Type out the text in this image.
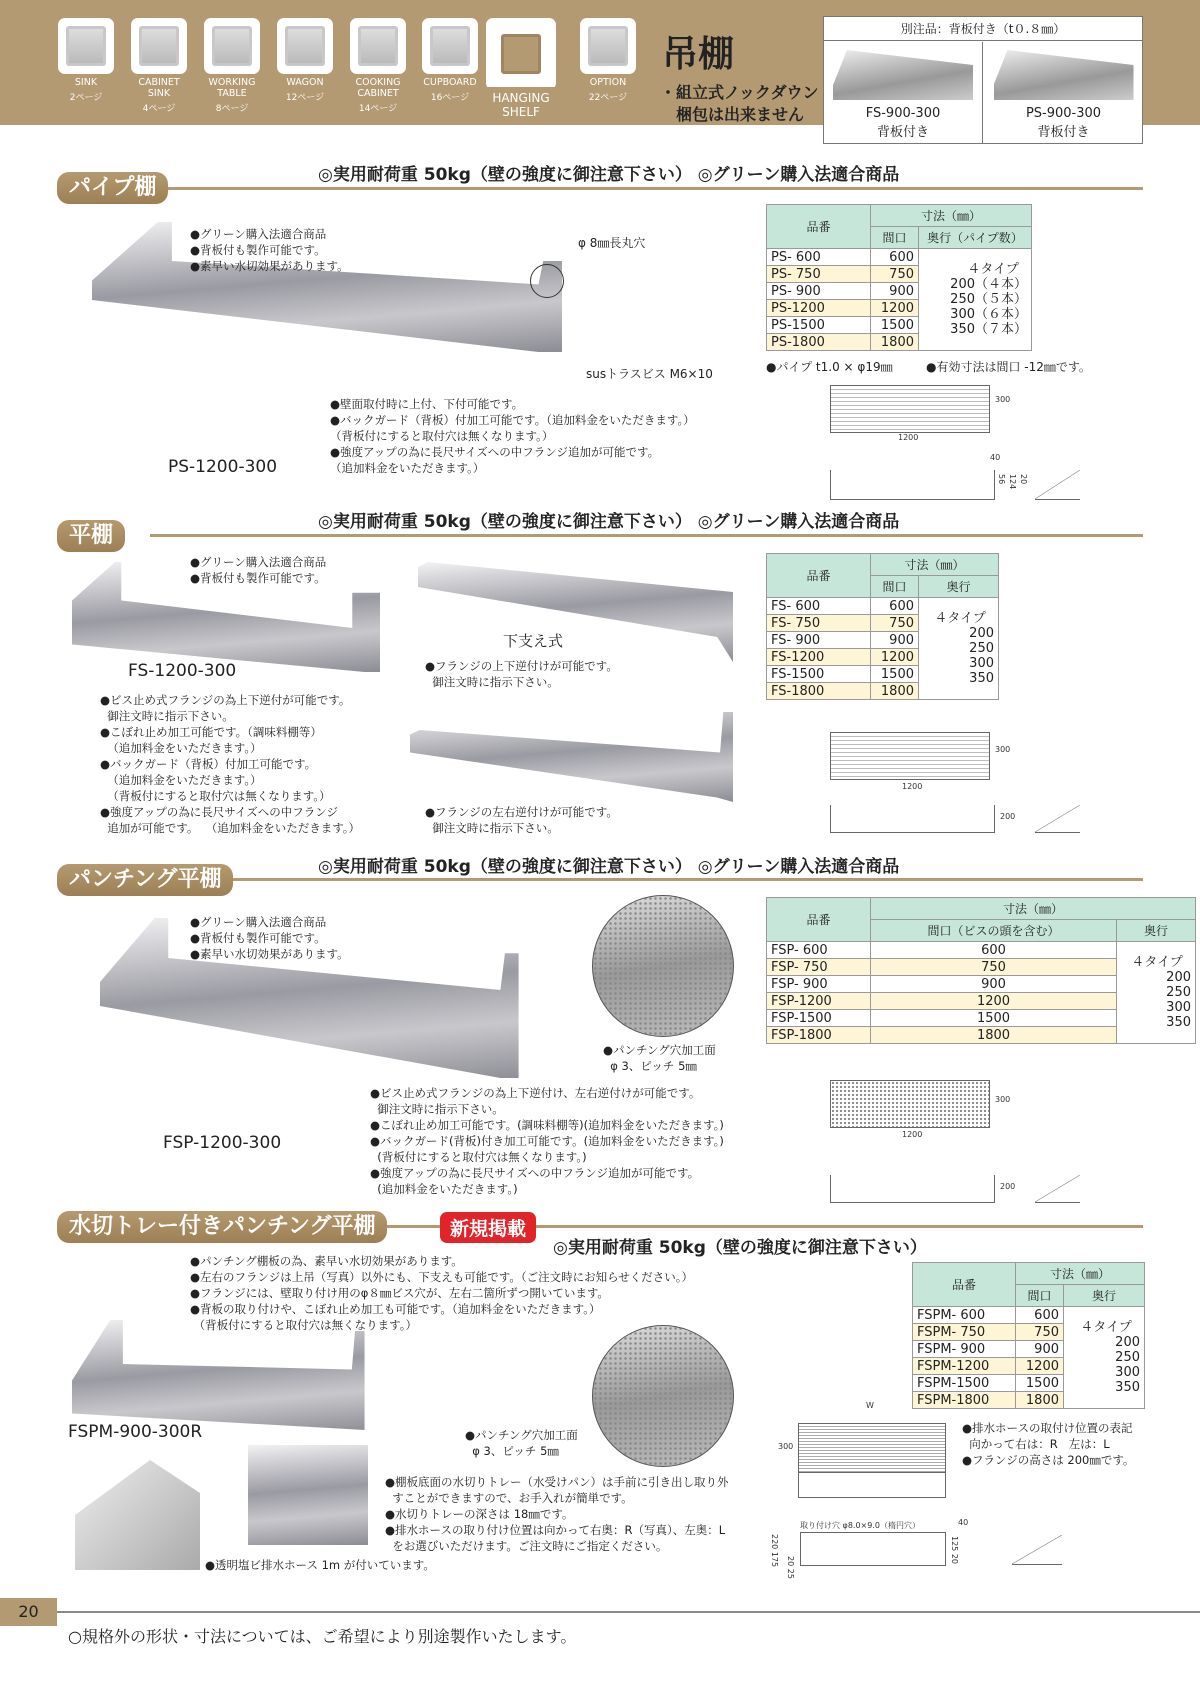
SINK
2ページ
CABINET
SINK
4ページ
WORKING
TABLE
8ページ
WAGON
12ページ
COOKING
CABINET
14ページ
CUPBOARD
16ページ	HANGING
SHELF
OPTION
22ページ
吊棚
・組立式ノックダウン
梱包は出来ません
別注品：背板付き（t０.８㎜）
FS-900-300
背板付き
PS-900-300
背板付き
パイプ棚	◎実用耐荷重 50kg（壁の強度に御注意下さい） ◎グリーン購入法適合商品
●グリーン購入法適合商品
●背板付も製作可能です。
●素早い水切効果があります。
φ 8㎜長丸穴
susトラスビス M6×10
●壁面取付時に上付、下付可能です。
●バックガード（背板）付加工可能です。（追加料金をいただきます。）
（背板付にすると取付穴は無くなります。）
●強度アップの為に長尺サイズへの中フランジ追加が可能です。
（追加料金をいただきます。）
PS-1200-300
品番	寸法（㎜）	
	間口	奥行（パイプ数）
PS- 600	600	４タイプ
200（４本）
250（５本）
300（６本）
350（７本）
PS- 750	750	
PS- 900	900	
PS-1200	1200	
PS-1500	1500	
PS-1800	1800	
●パイプ t1.0 × φ19㎜	●有効寸法は間口 -12㎜です。
300
1200
40
56 124 20
平棚
◎実用耐荷重 50kg（壁の強度に御注意下さい） ◎グリーン購入法適合商品
●グリーン購入法適合商品
●背板付も製作可能です。
FS-1200-300
●ビス止め式フランジの為上下逆付が可能です。
御注文時に指示下さい。
●こぼれ止め加工可能です。（調味料棚等）
（追加料金をいただきます。）
●バックガード（背板）付加工可能です。
（追加料金をいただきます。）
（背板付にすると取付穴は無くなります。）
●強度アップの為に長尺サイズへの中フランジ
追加が可能です。  （追加料金をいただきます。）
下支え式
●フランジの上下逆付けが可能です。
御注文時に指示下さい。
●フランジの左右逆付けが可能です。
御注文時に指示下さい。
品番	寸法（㎜）	
	間口	奥行
FS- 600	600	４タイプ
200
250
300
350
FS- 750	750	
FS- 900	900	
FS-1200	1200	
FS-1500	1500	
FS-1800	1800	
300
1200
200
パンチング平棚	◎実用耐荷重 50kg（壁の強度に御注意下さい） ◎グリーン購入法適合商品
●グリーン購入法適合商品
●背板付も製作可能です。
●素早い水切効果があります。
●パンチング穴加工面
φ 3、ピッチ 5㎜
●ビス止め式フランジの為上下逆付け、左右逆付けが可能です。
御注文時に指示下さい。
●こぼれ止め加工可能です。(調味料棚等)(追加料金をいただきます。)
●バックガード(背板)付き加工可能です。(追加料金をいただきます。)
(背板付にすると取付穴は無くなります。)
●強度アップの為に長尺サイズへの中フランジ追加が可能です。
(追加料金をいただきます。)
FSP-1200-300
品番	寸法（㎜）	
	間口（ビスの頭を含む）	奥行
FSP- 600	600	４タイプ
200
250
300
350
FSP- 750	750	
FSP- 900	900	
FSP-1200	1200	
FSP-1500	1500	
FSP-1800	1800	
300
1200
200
水切トレー付きパンチング平棚	新規掲載
◎実用耐荷重 50kg（壁の強度に御注意下さい）
●パンチング棚板の為、素早い水切効果があります。
●左右のフランジは上吊（写真）以外にも、下支えも可能です。（ご注文時にお知らせください。）
●フランジには、壁取り付け用のφ８㎜ビス穴が、左右二箇所ずつ開いています。
●背板の取り付けや、こぼれ止め加工も可能です。（追加料金をいただきます。）
（背板付にすると取付穴は無くなります。）
FSPM-900-300R	●パンチング穴加工面
φ 3、ピッチ 5㎜
●棚板底面の水切りトレー（水受けパン）は手前に引き出し取り外
すことができますので、お手入れが簡単です。
●水切りトレーの深さは 18㎜です。
●排水ホースの取り付け位置は向かって右奥：R（写真）、左奥：L
をお選びいただけます。ご注文時にご指定ください。
●透明塩ビ排水ホース 1m が付いています。
品番	寸法（㎜）	
	間口	奥行
FSPM- 600	600	４タイプ
200
250
300
350
FSPM- 750	750	
FSPM- 900	900	
FSPM-1200	1200	
FSPM-1500	1500	
FSPM-1800	1800	
●排水ホースの取付け位置の表記
向かって右は：R   左は：L
●フランジの高さは 200㎜です。
W
300
取り付け穴 φ8.0×9.0（楕円穴）	40
220 175
20 25
125 20
20
○規格外の形状・寸法については、ご希望により別途製作いたします。
